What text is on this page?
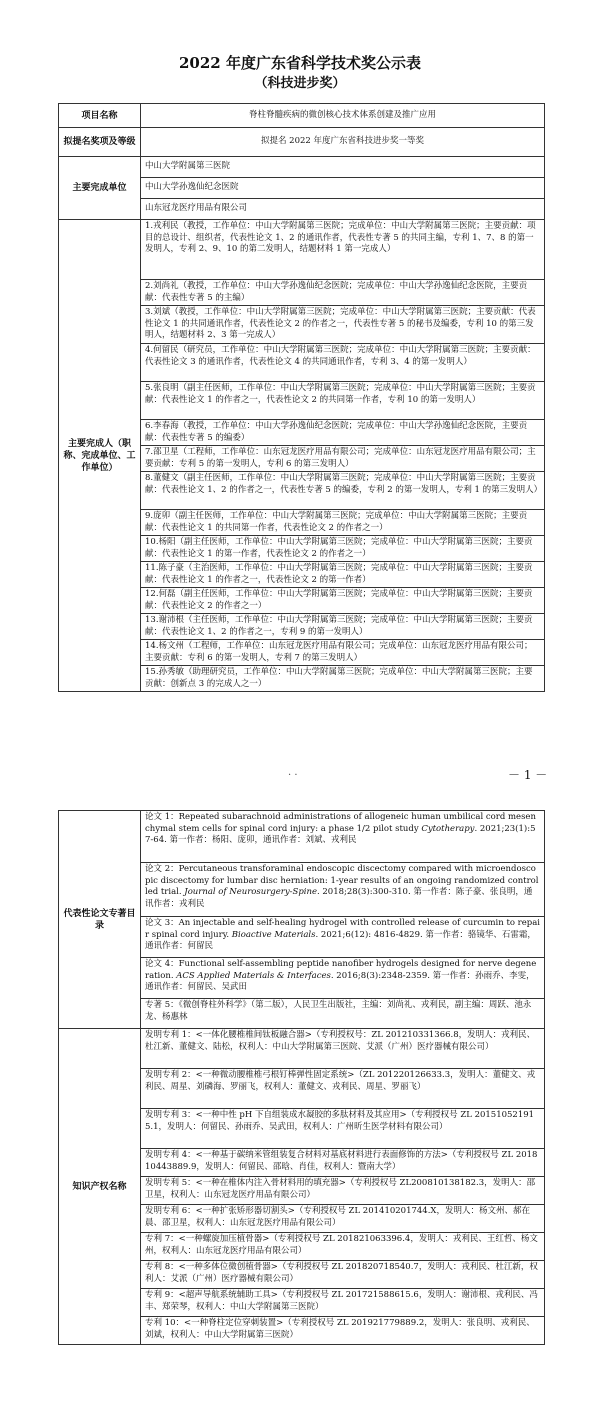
2022 年度广东省科学技术奖公示表
（科技进步奖）
项目名称	脊柱脊髓疾病的微创核心技术体系创建及推广应用
拟提名奖项及等级	拟提名 2022 年度广东省科技进步奖一等奖
主要完成单位	中山大学附属第三医院
	中山大学孙逸仙纪念医院
	山东冠龙医疗用品有限公司
主要完成人（职称、完成单位、工作单位）	1.戎利民（教授，工作单位：中山大学附属第三医院；完成单位：中山大学附属第三医院；主要贡献：项目的总设计、组织者，代表性论文 1、2 的通讯作者，代表性专著 5 的共同主编，专利 1、7、8 的第一发明人，专利 2、9、10 的第二发明人，结题材料 1 第一完成人）
	2.刘尚礼（教授，工作单位：中山大学孙逸仙纪念医院；完成单位：中山大学孙逸仙纪念医院，主要贡献：代表性专著 5 的主编）
	3.刘斌（教授，工作单位：中山大学附属第三医院；完成单位：中山大学附属第三医院；主要贡献：代表性论文 1 的共同通讯作者，代表性论文 2 的作者之一，代表性专著 5 的秘书及编委，专利 10 的第三发明人，结题材料 2、3 第一完成人）
	4.何留民（研究员，工作单位：中山大学附属第三医院；完成单位：中山大学附属第三医院；主要贡献：代表性论文 3 的通讯作者，代表性论文 4 的共同通讯作者，专利 3、4 的第一发明人）
	5.张良明（副主任医师，工作单位：中山大学附属第三医院；完成单位：中山大学附属第三医院；主要贡献：代表性论文 1 的作者之一，代表性论文 2 的共同第一作者，专利 10 的第一发明人）
	6.李春海（教授，工作单位：中山大学孙逸仙纪念医院；完成单位：中山大学孙逸仙纪念医院，主要贡献：代表性专著 5 的编委）
	7.邵卫星（工程师，工作单位：山东冠龙医疗用品有限公司；完成单位：山东冠龙医疗用品有限公司；主要贡献：专利 5 的第一发明人，专利 6 的第三发明人）
	8.董健文（副主任医师，工作单位：中山大学附属第三医院；完成单位：中山大学附属第三医院；主要贡献：代表性论文 1、2 的作者之一，代表性专著 5 的编委，专利 2 的第一发明人，专利 1 的第三发明人）
	9.庞卯（副主任医师，工作单位：中山大学附属第三医院；完成单位：中山大学附属第三医院；主要贡献：代表性论文 1 的共同第一作者，代表性论文 2 的作者之一）
	10.杨阳（副主任医师，工作单位：中山大学附属第三医院；完成单位：中山大学附属第三医院；主要贡献：代表性论文 1 的第一作者，代表性论文 2 的作者之一）
	11.陈子豪（主治医师，工作单位：中山大学附属第三医院；完成单位：中山大学附属第三医院；主要贡献：代表性论文 1 的作者之一，代表性论文 2 的第一作者）
	12.何磊（副主任医师，工作单位：中山大学附属第三医院；完成单位：中山大学附属第三医院；主要贡献：代表性论文 2 的作者之一）
	13.谢沛根（主任医师，工作单位：中山大学附属第三医院；完成单位：中山大学附属第三医院；主要贡献：代表性论文 1、2 的作者之一，专利 9 的第一发明人）
	14.杨文州（工程师，工作单位：山东冠龙医疗用品有限公司；完成单位：山东冠龙医疗用品有限公司；主要贡献：专利 6 的第一发明人，专利 7 的第三发明人）
	15.孙秀敏（助理研究员，工作单位：中山大学附属第三医院；完成单位：中山大学附属第三医院；主要贡献：创新点 3 的完成人之一）
· ·	－ 1 －
代表性论文专著目录	论文 1：Repeated subarachnoid administrations of allogeneic human umbilical cord mesenchymal stem cells for spinal cord injury: a phase 1/2 pilot study Cytotherapy. 2021;23(1):57-64. 第一作者：杨阳、庞卯，通讯作者：刘斌、戎利民
	论文 2：Percutaneous transforaminal endoscopic discectomy compared with microendoscopic discectomy for lumbar disc herniation: 1-year results of an ongoing randomized controlled trial. Journal of Neurosurgery-Spine. 2018;28(3):300-310. 第一作者：陈子豪、张良明，通讯作者：戎利民
	论文 3：An injectable and self-healing hydrogel with controlled release of curcumin to repair spinal cord injury. Bioactive Materials. 2021;6(12): 4816-4829. 第一作者：骆镜华、石雷霜，通讯作者：何留民
	论文 4：Functional self-assembling peptide nanofiber hydrogels designed for nerve degeneration. ACS Applied Materials & Interfaces. 2016;8(3):2348-2359. 第一作者：孙雨乔、李雯，通讯作者：何留民、吴武田
	专著 5：《微创脊柱外科学》（第二版），人民卫生出版社，主编：刘尚礼、戎利民，副主编：周跃、池永龙、杨惠林
知识产权名称	发明专利 1：<一体化腰椎椎间钛板融合器>（专利授权号：ZL 201210331366.8，发明人：戎利民、杜江新、董健文、陆松，权利人：中山大学附属第三医院、艾派（广州）医疗器械有限公司）
	发明专利 2：<一种微动腰椎椎弓根钉棒弹性固定系统>（ZL 201220126633.3，发明人：董健文、戎利民、周星、刘磷海、罗丽飞，权利人：董健文、戎利民、周星、罗丽飞）
	发明专利 3：<一种中性 pH 下自组装成水凝胶的多肽材料及其应用>（专利授权号 ZL 201510521915.1，发明人：何留民、孙雨乔、吴武田，权利人：广州昕生医学材料有限公司）
	发明专利 4：<一种基于碳纳米管组装复合材料对基底材料进行表面修饰的方法>（专利授权号 ZL 201810443889.9，发明人：何留民、邵晗、肖佳，权利人：暨南大学）
	发明专利 5：<一种在椎体内注入骨材料用的填充器>（专利授权号 ZL200810138182.3，发明人：邵卫星，权利人：山东冠龙医疗用品有限公司）
	发明专利 6：<一种扩张矫形器切割头>（专利授权号 ZL 201410201744.X，发明人：杨文州、郝在晨、邵卫星，权利人：山东冠龙医疗用品有限公司）
	专利 7：<一种螺旋加压植骨器>（专利授权号 ZL 201821063396.4，发明人：戎利民、王红哲、杨文州，权利人：山东冠龙医疗用品有限公司）
	专利 8：<一种多体位微创植骨器>（专利授权号 ZL 201820718540.7，发明人：戎利民、杜江新，权利人：艾派（广州）医疗器械有限公司）
	专利 9：<超声导航系统辅助工具>（专利授权号 ZL 201721588615.6，发明人：谢沛根、戎利民、冯丰、郑荣琴，权利人：中山大学附属第三医院）
	专利 10：<一种脊柱定位穿刺装置>（专利授权号 ZL 201921779889.2，发明人：张良明、戎利民、刘斌，权利人：中山大学附属第三医院）
